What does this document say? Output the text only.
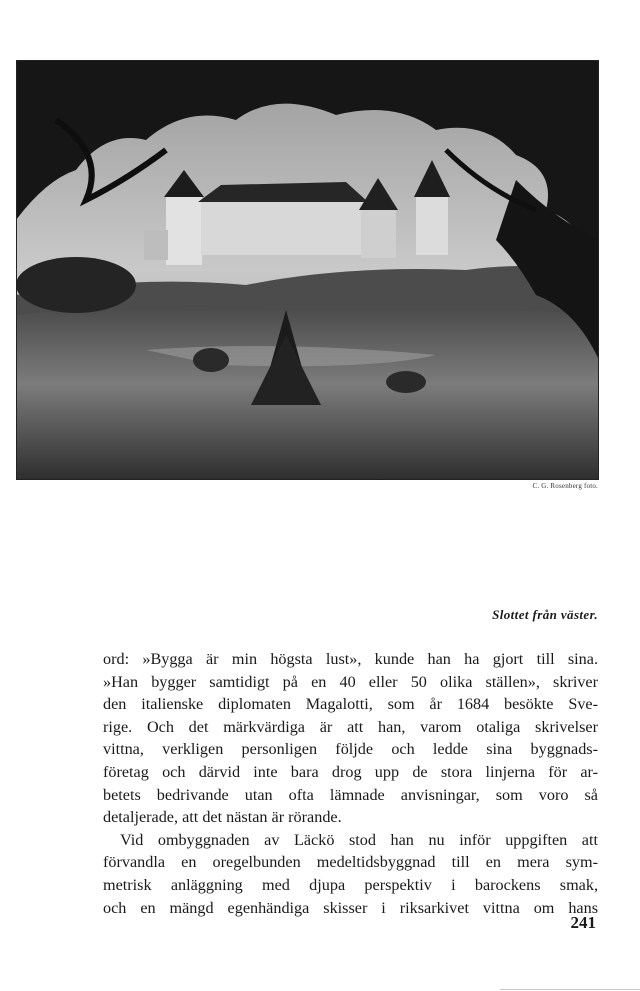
C. G. Rosenberg foto.
Slottet från väster.
ord: »Bygga är min högsta lust», kunde han ha gjort till sina.
»Han bygger samtidigt på en 40 eller 50 olika ställen», skriver
den italienske diplomaten Magalotti, som år 1684 besökte Sve-
rige. Och det märkvärdiga är att han, varom otaliga skrivelser
vittna, verkligen personligen följde och ledde sina byggnads-
företag och därvid inte bara drog upp de stora linjerna för ar-
betets bedrivande utan ofta lämnade anvisningar, som voro så
detaljerade, att det nästan är rörande.
Vid ombyggnaden av Läckö stod han nu inför uppgiften att
förvandla en oregelbunden medeltidsbyggnad till en mera sym-
metrisk anläggning med djupa perspektiv i barockens smak,
och en mängd egenhändiga skisser i riksarkivet vittna om hans
241
